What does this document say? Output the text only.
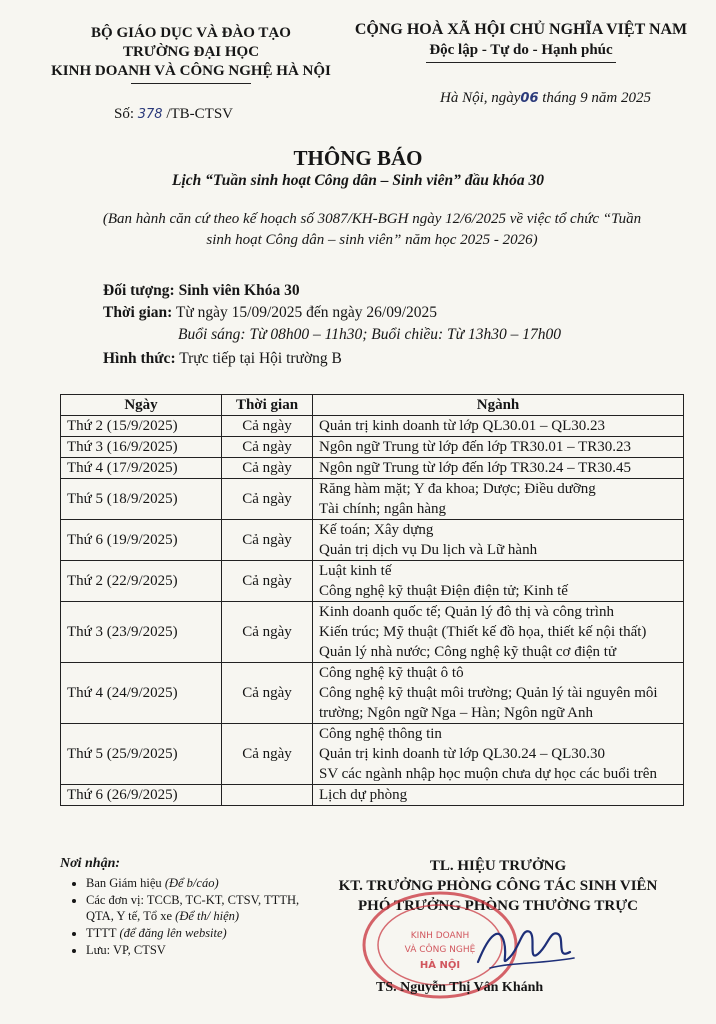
BỘ GIÁO DỤC VÀ ĐÀO TẠO
TRƯỜNG ĐẠI HỌC
KINH DOANH VÀ CÔNG NGHỆ HÀ NỘI
CỘNG HOÀ XÃ HỘI CHỦ NGHĨA VIỆT NAM
Độc lập - Tự do - Hạnh phúc
Số: 378 /TB-CTSV
Hà Nội, ngày06 tháng 9 năm 2025
THÔNG BÁO
Lịch “Tuần sinh hoạt Công dân – Sinh viên” đầu khóa 30
(Ban hành căn cứ theo kế hoạch số 3087/KH-BGH ngày 12/6/2025 về việc tổ chức “Tuần
sinh hoạt Công dân – sinh viên” năm học 2025 - 2026)
Đối tượng: Sinh viên Khóa 30
Thời gian: Từ ngày 15/09/2025 đến ngày 26/09/2025
Buổi sáng: Từ 08h00 – 11h30; Buổi chiều: Từ 13h30 – 17h00
Hình thức: Trực tiếp tại Hội trường B
Ngày	Thời gian	Ngành
Thứ 2 (15/9/2025)	Cả ngày	Quản trị kinh doanh từ lớp QL30.01 – QL30.23

Thứ 3 (16/9/2025)	Cả ngày	Ngôn ngữ Trung từ lớp đến lớp TR30.01 – TR30.23

Thứ 4 (17/9/2025)	Cả ngày	Ngôn ngữ Trung từ lớp đến lớp TR30.24 – TR30.45

Thứ 5 (18/9/2025)	Cả ngày	Răng hàm mặt; Y đa khoa; Dược; Điều dưỡng
Tài chính; ngân hàng

Thứ 6 (19/9/2025)	Cả ngày	Kế toán; Xây dựng
Quản trị dịch vụ Du lịch và Lữ hành

Thứ 2 (22/9/2025)	Cả ngày	Luật kinh tế
Công nghệ kỹ thuật Điện điện tử; Kinh tế

Thứ 3 (23/9/2025)	Cả ngày	Kinh doanh quốc tế; Quản lý đô thị và công trình
Kiến trúc; Mỹ thuật (Thiết kế đồ họa, thiết kế nội thất)
Quản lý nhà nước; Công nghệ kỹ thuật cơ điện tử

Thứ 4 (24/9/2025)	Cả ngày	Công nghệ kỹ thuật ô tô
Công nghệ kỹ thuật môi trường; Quản lý tài nguyên môi
trường; Ngôn ngữ Nga – Hàn; Ngôn ngữ Anh

Thứ 5 (25/9/2025)	Cả ngày	Công nghệ thông tin
Quản trị kinh doanh từ lớp QL30.24 – QL30.30
SV các ngành nhập học muộn chưa dự học các buổi trên

Thứ 6 (26/9/2025)		Lịch dự phòng
Nơi nhận:
• Ban Giám hiệu (Để b/cáo)
• Các đơn vị: TCCB, TC-KT, CTSV, TTTH, QTA, Y tế, Tổ xe (Để th/ hiện)
• TTTT (để đăng lên website)
• Lưu: VP, CTSV
TL. HIỆU TRƯỞNG
KT. TRƯỞNG PHÒNG CÔNG TÁC SINH VIÊN
PHÓ TRƯỞNG PHÒNG THƯỜNG TRỰC
KINH DOANH
VÀ CÔNG NGHỆ
HÀ NỘI
TS. Nguyễn Thị Vân Khánh
